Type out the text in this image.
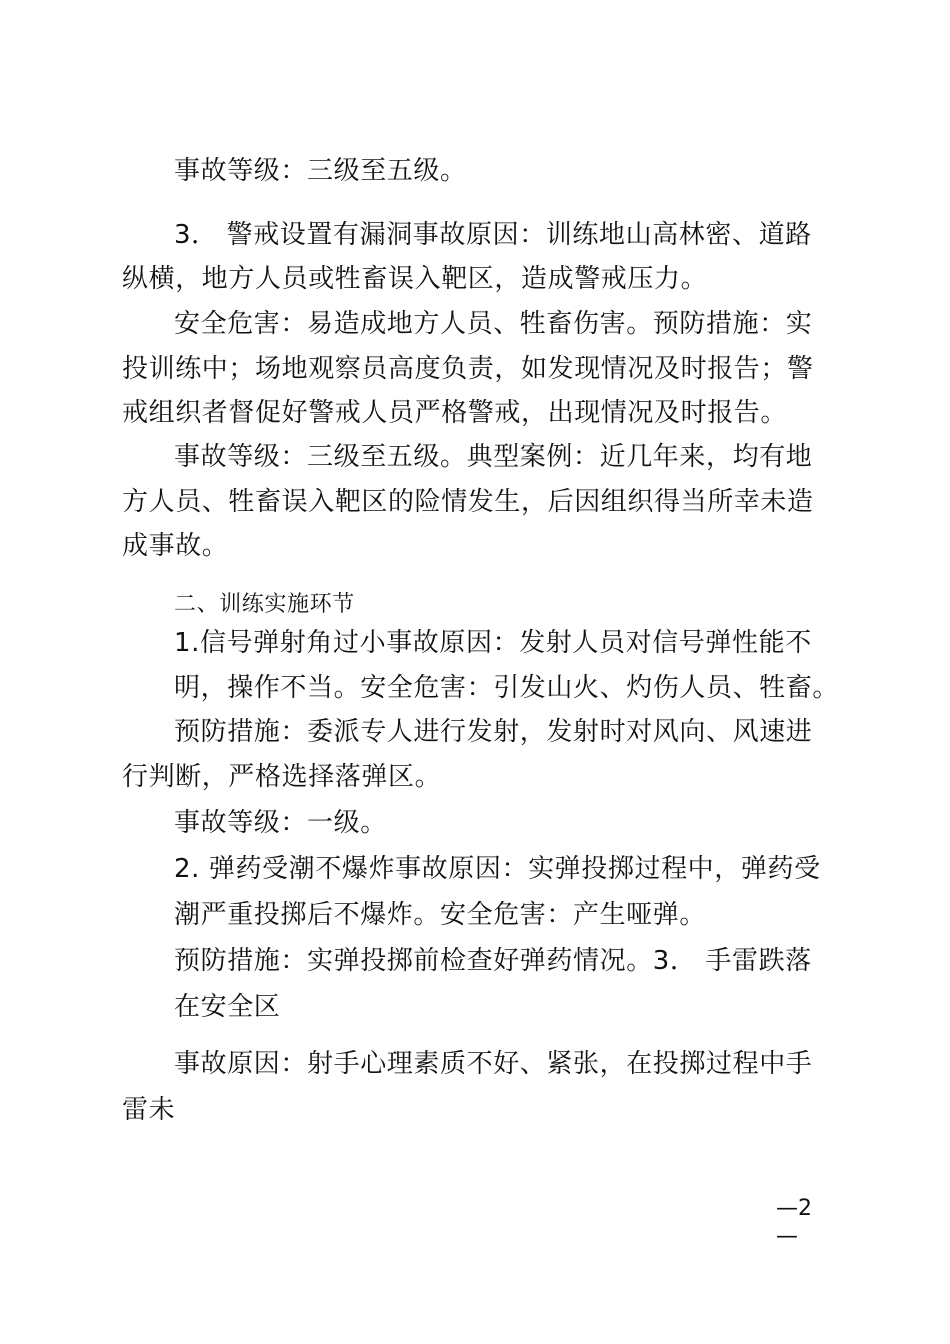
事故等级：三级至五级。
3． 警戒设置有漏洞事故原因：训练地山高林密、道路
纵横，地方人员或牲畜误入靶区，造成警戒压力。
安全危害：易造成地方人员、牲畜伤害。预防措施：实
投训练中；场地观察员高度负责，如发现情况及时报告；警
戒组织者督促好警戒人员严格警戒，出现情况及时报告。
事故等级：三级至五级。典型案例：近几年来，均有地
方人员、牲畜误入靶区的险情发生，后因组织得当所幸未造
成事故。
二、训练实施环节
1.信号弹射角过小事故原因：发射人员对信号弹性能不
明，操作不当。安全危害：引发山火、灼伤人员、牲畜。
预防措施：委派专人进行发射，发射时对风向、风速进
行判断，严格选择落弹区。
事故等级：一级。
2. 弹药受潮不爆炸事故原因：实弹投掷过程中，弹药受
潮严重投掷后不爆炸。安全危害：产生哑弹。
预防措施：实弹投掷前检查好弹药情况。3． 手雷跌落
在安全区
事故原因：射手心理素质不好、紧张，在投掷过程中手
雷未
—2
—
